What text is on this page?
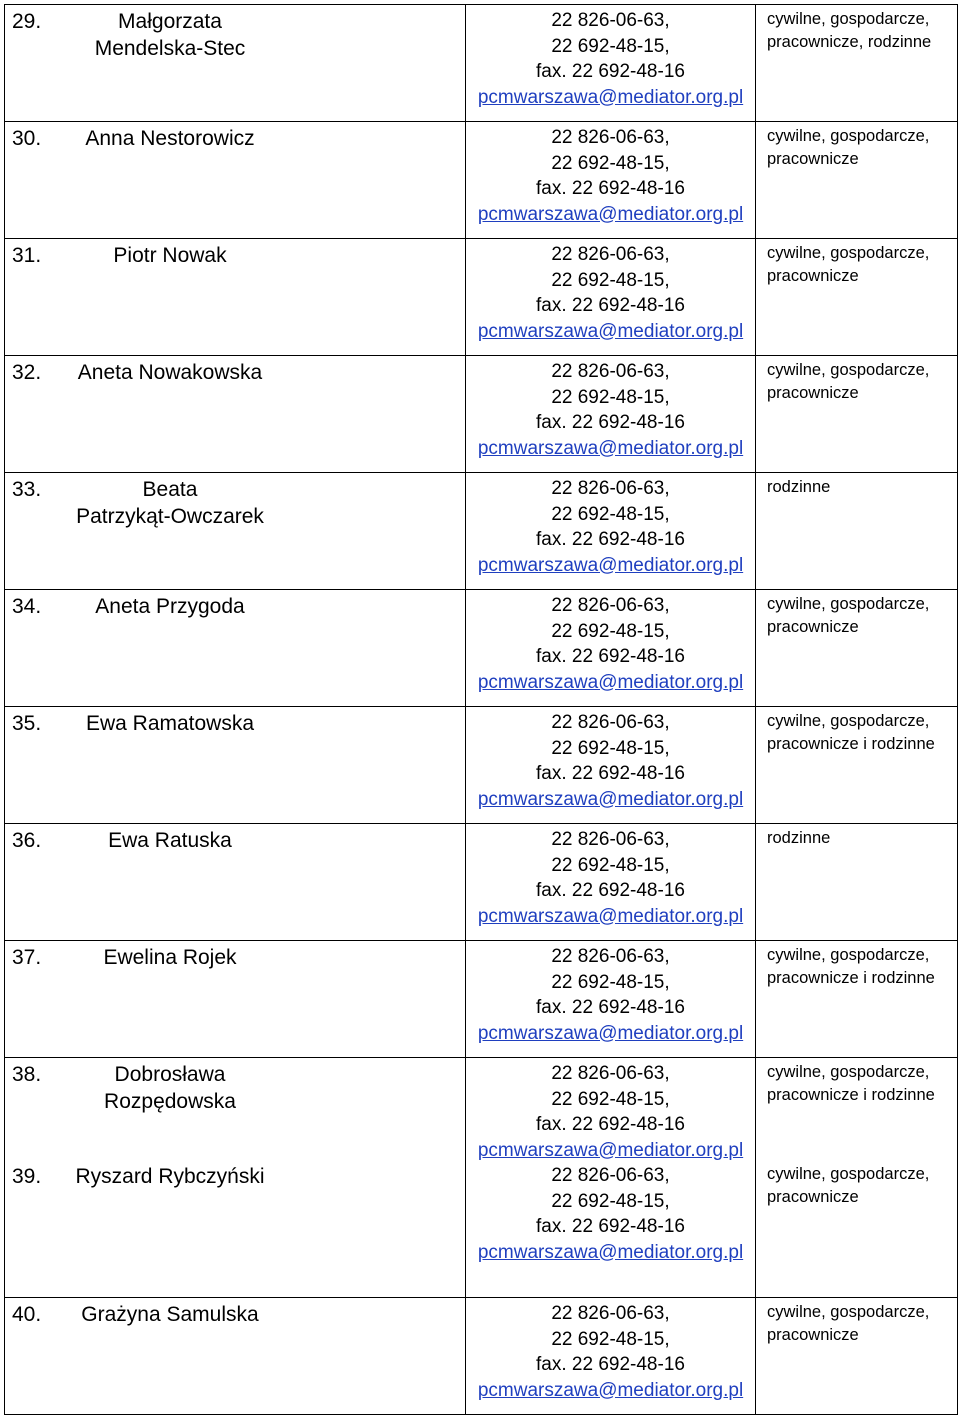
29.	Małgorzata
Mendelska-Stec
22 826-06-63,
22 692-48-15,
fax. 22 692-48-16
pcmwarszawa@mediator.org.pl
cywilne, gospodarcze,
pracownicze, rodzinne
30.	Anna Nestorowicz	22 826-06-63,
22 692-48-15,
fax. 22 692-48-16
pcmwarszawa@mediator.org.pl
cywilne, gospodarcze,
pracownicze
31.	Piotr Nowak	22 826-06-63,
22 692-48-15,
fax. 22 692-48-16
pcmwarszawa@mediator.org.pl
cywilne, gospodarcze,
pracownicze
32.	Aneta Nowakowska	22 826-06-63,
22 692-48-15,
fax. 22 692-48-16
pcmwarszawa@mediator.org.pl
cywilne, gospodarcze,
pracownicze
33.	Beata
Patrzykąt-Owczarek
22 826-06-63,
22 692-48-15,
fax. 22 692-48-16
pcmwarszawa@mediator.org.pl
rodzinne
34.	Aneta Przygoda	22 826-06-63,
22 692-48-15,
fax. 22 692-48-16
pcmwarszawa@mediator.org.pl
cywilne, gospodarcze,
pracownicze
35.	Ewa Ramatowska	22 826-06-63,
22 692-48-15,
fax. 22 692-48-16
pcmwarszawa@mediator.org.pl
cywilne, gospodarcze,
pracownicze i rodzinne
36.	Ewa Ratuska	22 826-06-63,
22 692-48-15,
fax. 22 692-48-16
pcmwarszawa@mediator.org.pl
rodzinne
37.	Ewelina Rojek	22 826-06-63,
22 692-48-15,
fax. 22 692-48-16
pcmwarszawa@mediator.org.pl
cywilne, gospodarcze,
pracownicze i rodzinne
38.	Dobrosława
Rozpędowska
22 826-06-63,
22 692-48-15,
fax. 22 692-48-16
pcmwarszawa@mediator.org.pl
cywilne, gospodarcze,
pracownicze i rodzinne
39.	Ryszard Rybczyński	22 826-06-63,
22 692-48-15,
fax. 22 692-48-16
pcmwarszawa@mediator.org.pl
cywilne, gospodarcze,
pracownicze
40.	Grażyna Samulska	22 826-06-63,
22 692-48-15,
fax. 22 692-48-16
pcmwarszawa@mediator.org.pl
cywilne, gospodarcze,
pracownicze
